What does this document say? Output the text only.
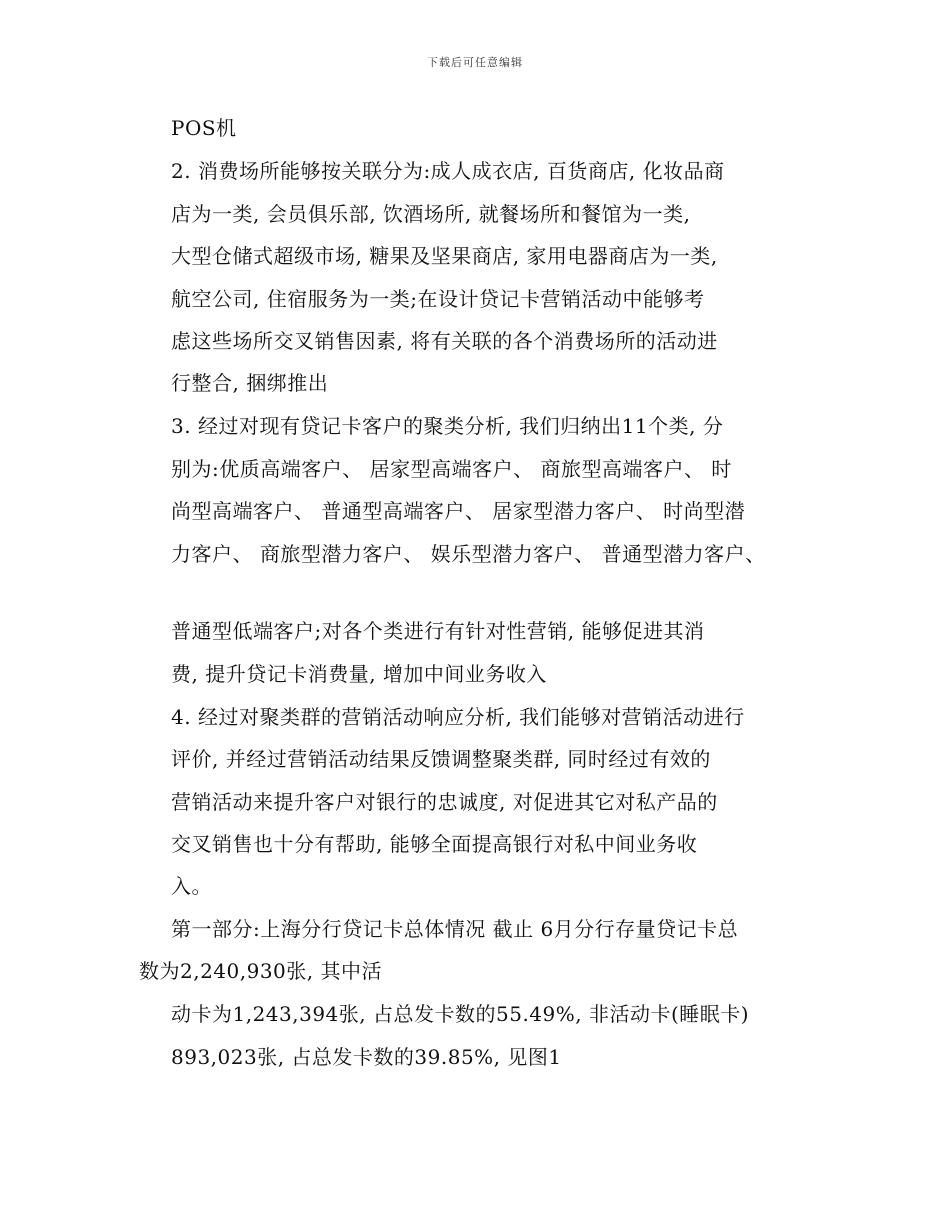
下载后可任意编辑
POS机
2. 消费场所能够按关联分为:成人成衣店, 百货商店, 化妆品商
店为一类, 会员俱乐部, 饮酒场所, 就餐场所和餐馆为一类,
大型仓储式超级市场, 糖果及坚果商店, 家用电器商店为一类,
航空公司, 住宿服务为一类;在设计贷记卡营销活动中能够考
虑这些场所交叉销售因素, 将有关联的各个消费场所的活动进
行整合, 捆绑推出
3. 经过对现有贷记卡客户的聚类分析, 我们归纳出11个类, 分
别为:优质高端客户、 居家型高端客户、 商旅型高端客户、 时
尚型高端客户、 普通型高端客户、 居家型潜力客户、 时尚型潜
力客户、 商旅型潜力客户、 娱乐型潜力客户、 普通型潜力客户、
普通型低端客户;对各个类进行有针对性营销, 能够促进其消
费, 提升贷记卡消费量, 增加中间业务收入
4. 经过对聚类群的营销活动响应分析, 我们能够对营销活动进行
评价, 并经过营销活动结果反馈调整聚类群, 同时经过有效的
营销活动来提升客户对银行的忠诚度, 对促进其它对私产品的
交叉销售也十分有帮助, 能够全面提高银行对私中间业务收
入。
第一部分:上海分行贷记卡总体情况 截止 6月分行存量贷记卡总
数为2,240,930张, 其中活
动卡为1,243,394张, 占总发卡数的55.49%, 非活动卡(睡眠卡)
893,023张, 占总发卡数的39.85%, 见图1
